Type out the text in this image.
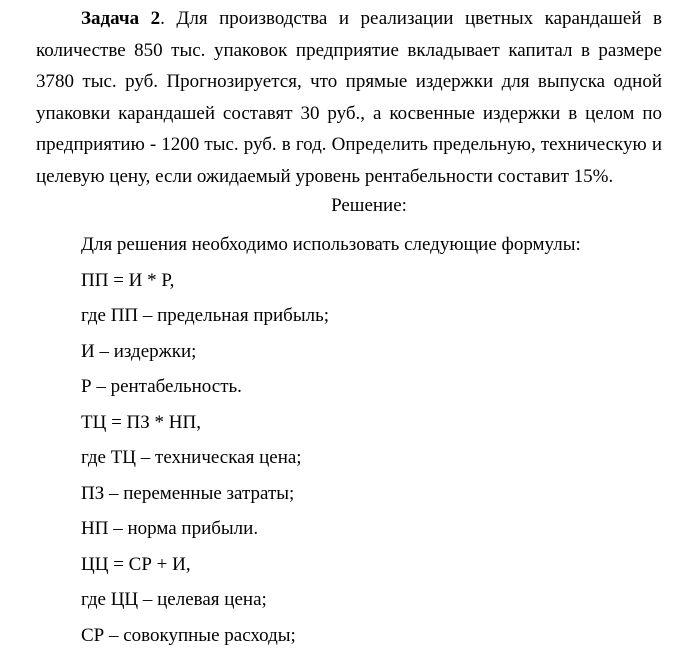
Задача 2. Для производства и реализации цветных карандашей в количестве 850 тыс. упаковок предприятие вкладывает капитал в размере 3780 тыс. руб. Прогнозируется, что прямые издержки для выпуска одной упаковки карандашей составят 30 руб., а косвенные издержки в целом по предприятию - 1200 тыс. руб. в год. Определить предельную, техническую и целевую цену, если ожидаемый уровень рентабельности составит 15%.

Решение:

Для решения необходимо использовать следующие формулы:
ПП = И * Р,
где ПП – предельная прибыль;
И – издержки;
Р – рентабельность.
ТЦ = ПЗ * НП,
где ТЦ – техническая цена;
ПЗ – переменные затраты;
НП – норма прибыли.
ЦЦ = СР + И,
где ЦЦ – целевая цена;
СР – совокупные расходы;
